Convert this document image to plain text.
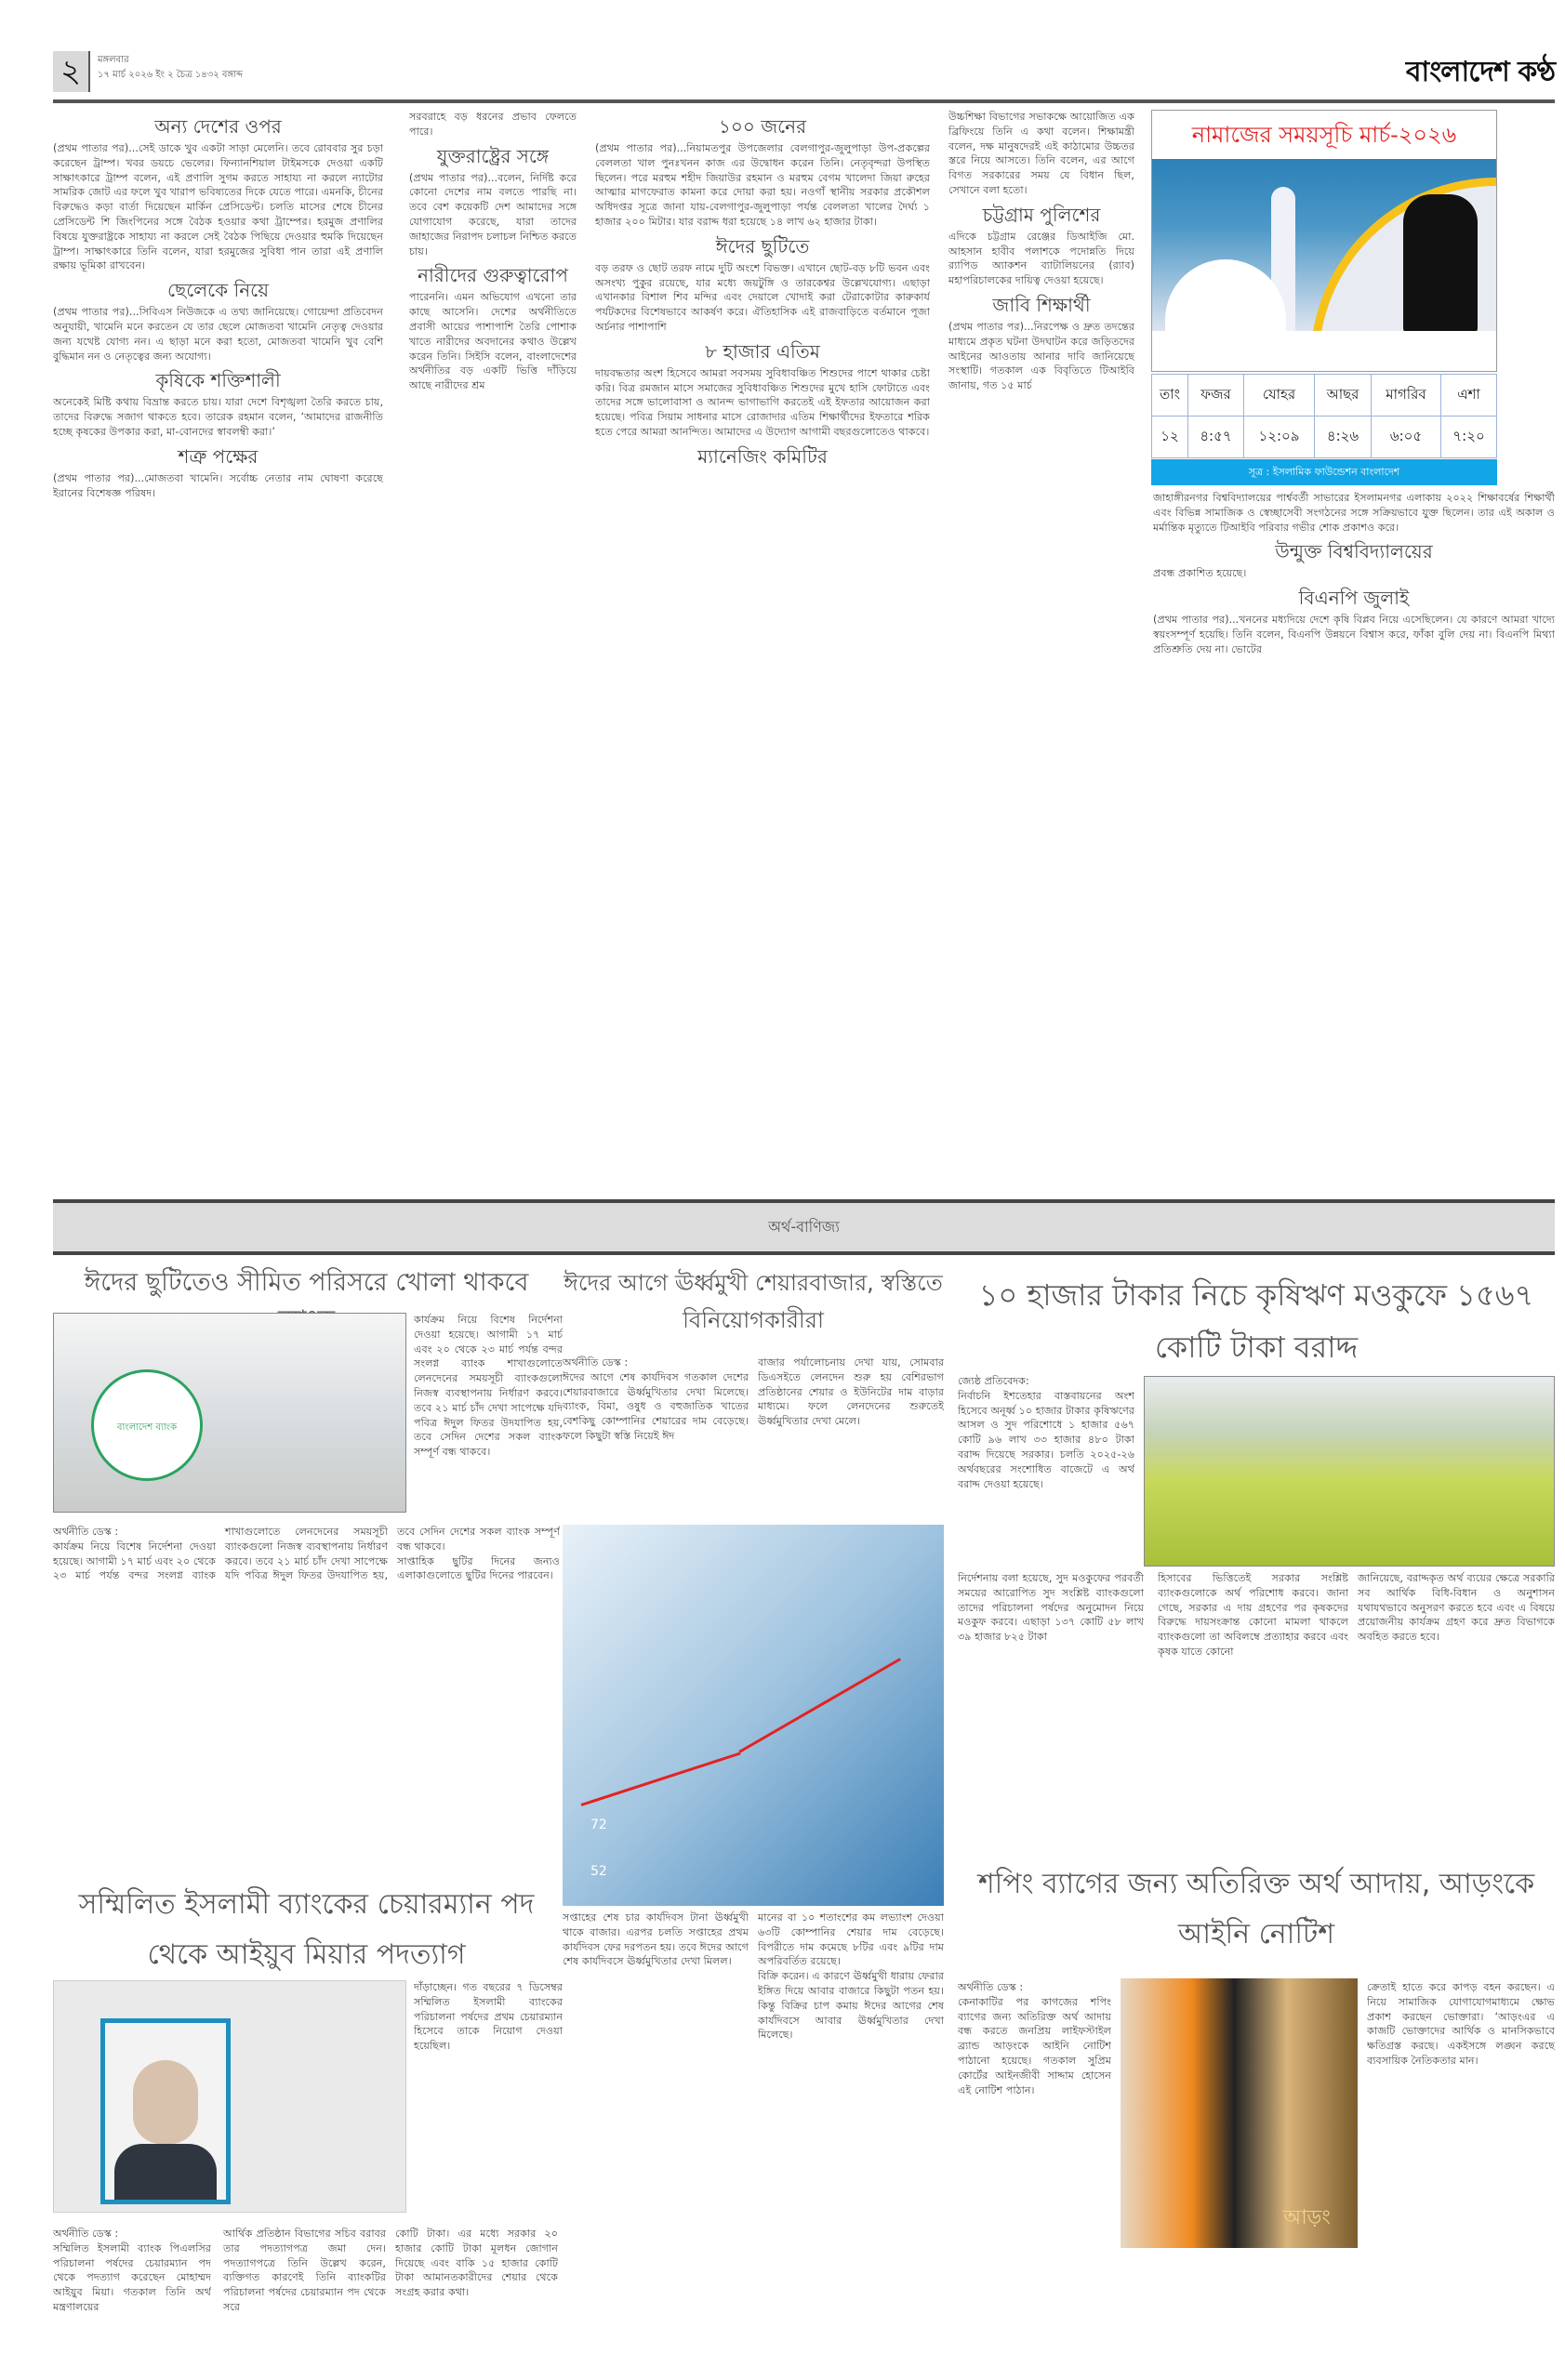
২	মঙ্গলবার
১৭ মার্চ ২০২৬ ইং ২ চৈত্র ১৪৩২ বঙ্গাব্দ	বাংলাদেশ কণ্ঠ
অন্য দেশের ওপর

(প্রথম পাতার পর)...সেই ডাকে খুব একটা সাড়া মেলেনি। তবে রোববার সুর চড়া করেছেন ট্রাম্প। খবর ডয়চে ভেলের। ফিন্যানশিয়াল টাইমসকে দেওয়া একটি সাক্ষাৎকারে ট্রাম্প বলেন, এই প্রণালি সুগম করতে সাহায্য না করলে ন্যাটোর সামরিক জোট এর ফলে খুব খারাপ ভবিষ্যতের দিকে যেতে পারে। এমনকি, চীনের বিরুদ্ধেও কড়া বার্তা দিয়েছেন মার্কিন প্রেসিডেন্ট। চলতি মাসের শেষে চীনের প্রেসিডেন্ট শি জিংপিনের সঙ্গে বৈঠক হওয়ার কথা ট্রাম্পের। হরমুজ প্রণালির বিষয়ে যুক্তরাষ্ট্রকে সাহায্য না করলে সেই বৈঠক পিছিয়ে দেওয়ার হুমকি দিয়েছেন ট্রাম্প। সাক্ষাৎকারে তিনি বলেন, যারা হরমুজের সুবিধা পান তারা এই প্রণালি রক্ষায় ভূমিকা রাখবেন।

ছেলেকে নিয়ে

(প্রথম পাতার পর)...সিবিএস নিউজকে এ তথ্য জানিয়েছে। গোয়েন্দা প্রতিবেদন অনুযায়ী, খামেনি মনে করতেন যে তার ছেলে মোজতবা খামেনি নেতৃত্ব দেওয়ার জন্য যথেষ্ট যোগ্য নন। এ ছাড়া মনে করা হতো, মোজতবা খামেনি খুব বেশি বুদ্ধিমান নন ও নেতৃত্বের জন্য অযোগ্য।

কৃষিকে শক্তিশালী

অনেকেই মিষ্টি কথায় বিভ্রান্ত করতে চায়। যারা দেশে বিশৃঙ্খলা তৈরি করতে চায়, তাদের বিরুদ্ধে সজাগ থাকতে হবে। তারেক রহমান বলেন, ‘আমাদের রাজনীতি হচ্ছে কৃষকের উপকার করা, মা-বোনদের স্বাবলম্বী করা।’

শত্রু পক্ষের

(প্রথম পাতার পর)...মোজতবা খামেনি। সর্বোচ্চ নেতার নাম ঘোষণা করেছে ইরানের বিশেষজ্ঞ পরিষদ।

সরবরাহে বড় ধরনের প্রভাব ফেলতে পারে।

যুক্তরাষ্ট্রের সঙ্গে

(প্রথম পাতার পর)...বলেন, নির্দিষ্ট করে কোনো দেশের নাম বলতে পারছি না। তবে বেশ কয়েকটি দেশ আমাদের সঙ্গে যোগাযোগ করেছে, যারা তাদের জাহাজের নিরাপদ চলাচল নিশ্চিত করতে চায়।

নারীদের গুরুত্বারোপ

পারেননি। এমন অভিযোগ এখনো তার কাছে আসেনি। দেশের অর্থনীতিতে প্রবাসী আয়ের পাশাপাশি তৈরি পোশাক খাতে নারীদের অবদানের কথাও উল্লেখ করেন তিনি। সিইসি বলেন, বাংলাদেশের অর্থনীতির বড় একটি ভিত্তি দাঁড়িয়ে আছে নারীদের শ্রম

১০০ জনের

(প্রথম পাতার পর)...নিয়ামতপুর উপজেলার বেলগাপুর-জুলুপাড়া উপ-প্রকল্পের বেললতা খাল পুনঃখনন কাজ এর উদ্বোধন করেন তিনি। নেতৃবৃন্দরা উপস্থিত ছিলেন। পরে মরহুম শহীদ জিয়াউর রহমান ও মরহুম বেগম খালেদা জিয়া রুহের আত্মার মাগফেরাত কামনা করে দোয়া করা হয়। নওগাঁ স্থানীয় সরকার প্রকৌশল অধিদপ্তর সূত্রে জানা যায়-বেলগাপুর-জুলুপাড়া পর্যন্ত বেললতা খালের দৈর্ঘ্য ১ হাজার ২০০ মিটার। যার বরাদ্দ ধরা হয়েছে ১৪ লাখ ৬২ হাজার টাকা।

ঈদের ছুটিতে

বড় তরফ ও ছোট তরফ নামে দুটি অংশে বিভক্ত। এখানে ছোট-বড় ৮টি ভবন এবং অসংখ্য পুকুর রয়েছে, যার মধ্যে জয়টুঙ্গি ও তারকেশ্বর উল্লেখযোগ্য। এছাড়া এখানকার বিশাল শিব মন্দির এবং দেয়ালে খোদাই করা টেরাকোটার কারুকার্য পর্যটকদের বিশেষভাবে আকর্ষণ করে। ঐতিহাসিক এই রাজবাড়িতে বর্তমানে পূজা অর্চনার পাশাপাশি

৮ হাজার এতিম

দায়বদ্ধতার অংশ হিসেবে আমরা সবসময় সুবিধাবঞ্চিত শিশুদের পাশে থাকার চেষ্টা করি। বিত্র রমজান মাসে সমাজের সুবিধাবঞ্চিত শিশুদের মুখে হাসি ফোটাতে এবং তাদের সঙ্গে ভালোবাসা ও আনন্দ ভাগাভাগি করতেই এই ইফতার আয়োজন করা হয়েছে। পবিত্র সিয়াম সাধনার মাসে রোজাদার এতিম শিক্ষার্থীদের ইফতারে শরিক হতে পেরে আমরা আনন্দিত। আমাদের এ উদ্যোগ আগামী বছরগুলোতেও থাকবে।

ম্যানেজিং কমিটির

উচ্চশিক্ষা বিভাগের সভাকক্ষে আয়োজিত এক ব্রিফিংয়ে তিনি এ কথা বলেন। শিক্ষামন্ত্রী বলেন, দক্ষ মানুষদেরই এই কাঠামোর উচ্চতর স্তরে নিয়ে আসতে। তিনি বলেন, এর আগে বিগত সরকারের সময় যে বিধান ছিল, সেখানে বলা হতো।

চট্টগ্রাম পুলিশের

এদিকে চট্টগ্রাম রেঞ্জের ডিআইজি মো. আহসান হাবীব পলাশকে পদোন্নতি দিয়ে র‍্যাপিড অ্যাকশন ব্যাটালিয়নের (র‍্যাব) মহাপরিচালকের দায়িত্ব দেওয়া হয়েছে।

জাবি শিক্ষার্থী

(প্রথম পাতার পর)...নিরপেক্ষ ও দ্রুত তদন্তের মাধ্যমে প্রকৃত ঘটনা উদঘাটন করে জড়িতদের আইনের আওতায় আনার দাবি জানিয়েছে সংস্থাটি। গতকাল এক বিবৃতিতে টিআইবি জানায়, গত ১৫ মার্চ

নামাজের সময়সূচি মার্চ-২০২৬
তাং	ফজর	যোহর	আছর	মাগরিব	এশা
১২	৪:৫৭	১২:০৯	৪:২৬	৬:০৫	৭:২০
সূত্র : ইসলামিক ফাউন্ডেশন বাংলাদেশ

জাহাঙ্গীরনগর বিশ্ববিদ্যালয়ের পার্শ্ববর্তী সাভারের ইসলামনগর এলাকায় ২০২২ শিক্ষাবর্ষের শিক্ষার্থী এবং বিভিন্ন সামাজিক ও স্বেচ্ছাসেবী সংগঠনের সঙ্গে সক্রিয়ভাবে যুক্ত ছিলেন। তার এই অকাল ও মর্মান্তিক মৃত্যুতে টিআইবি পরিবার গভীর শোক প্রকাশও করে।

উন্মুক্ত বিশ্ববিদ্যালয়ের

প্রবন্ধ প্রকাশিত হয়েছে।

বিএনপি জুলাই

(প্রথম পাতার পর)...খননের মধ্যদিয়ে দেশে কৃষি বিপ্লব নিয়ে এসেছিলেন। যে কারণে আমরা খাদ্যে স্বয়ংসম্পূর্ণ হয়েছি। তিনি বলেন, বিএনপি উন্নয়নে বিশ্বাস করে, ফাঁকা বুলি দেয় না। বিএনপি মিথ্যা প্রতিশ্রুতি দেয় না। ভোটের

অর্থ-বাণিজ্য
ঈদের ছুটিতেও সীমিত পরিসরে খোলা থাকবে
বাংলাদেশ ব্যাংক

কার্যক্রম নিয়ে বিশেষ নির্দেশনা দেওয়া হয়েছে। আগামী ১৭ মার্চ এবং ২০ থেকে ২৩ মার্চ পর্যন্ত বন্দর সংলগ্ন ব্যাংক শাখাগুলোতে লেনদেনের সময়সূচী ব্যাংকগুলো নিজস্ব ব্যবস্থাপনায় নির্ধারণ করবে। তবে ২১ মার্চ চাঁদ দেখা সাপেক্ষে যদি পবিত্র ঈদুল ফিতর উদযাপিত হয়, তবে সেদিন দেশের সকল ব্যাংক সম্পূর্ণ বন্ধ থাকবে।

অর্থনীতি ডেস্ক :

কার্যক্রম নিয়ে বিশেষ নির্দেশনা দেওয়া হয়েছে। আগামী ১৭ মার্চ এবং ২০ থেকে ২৩ মার্চ পর্যন্ত বন্দর সংলগ্ন ব্যাংক শাখাগুলোতে লেনদেনের সময়সূচী ব্যাংকগুলো নিজস্ব ব্যবস্থাপনায় নির্ধারণ করবে। তবে ২১ মার্চ চাঁদ দেখা সাপেক্ষে যদি পবিত্র ঈদুল ফিতর উদযাপিত হয়, তবে সেদিন দেশের সকল ব্যাংক সম্পূর্ণ বন্ধ থাকবে।

সাপ্তাহিক ছুটির দিনের জন্যও এলাকাগুলোতে ছুটির দিনের পারবেন।

ঈদের আগে ঊর্ধ্বমুখী শেয়ারবাজার, স্বস্তিতে বিনিয়োগকারীরা

অর্থনীতি ডেস্ক :

ঈদের আগে শেষ কার্যদিবস গতকাল দেশের শেয়ারবাজারে ঊর্ধ্বমুখিতার দেখা মিলেছে। ব্যাংক, বিমা, ওষুধ ও বহুজাতিক খাতের বেশকিছু কোম্পানির শেয়ারের দাম বেড়েছে। ফলে কিছুটা স্বস্তি নিয়েই ঈদ

বাজার পর্যালোচনায় দেখা যায়, সোমবার ডিএসইতে লেনদেন শুরু হয় বেশিরভাগ প্রতিষ্ঠানের শেয়ার ও ইউনিটের দাম বাড়ার মাধ্যমে। ফলে লেনদেনের শুরুতেই ঊর্ধ্বমুখিতার দেখা মেলে।

72
52

সপ্তাহের শেষ চার কার্যদিবস টানা ঊর্ধ্বমুখী থাকে বাজার। এরপর চলতি সপ্তাহের প্রথম কার্যদিবস ফের দরপতন হয়। তবে ঈদের আগে শেষ কার্যদিবসে ঊর্ধ্বমুখিতার দেখা মিলল।

মানের বা ১০ শতাংশের কম লভ্যাংশ দেওয়া ৬৩টি কোম্পানির শেয়ার দাম বেড়েছে। বিপরীতে দাম কমেছে ৮টির এবং ৯টির দাম অপরিবর্তিত রয়েছে।

বিক্রি করেন। এ কারণে ঊর্ধ্বমুখী ধারায় ফেরার ইঙ্গিত দিয়ে আবার বাজারে কিছুটা পতন হয়। কিন্তু বিক্রির চাপ কমায় ঈদের আগের শেষ কার্যদিবসে আবার ঊর্ধ্বমুখিতার দেখা মিলেছে।

১০ হাজার টাকার নিচে কৃষিঋণ মওকুফে ১৫৬৭ কোটি টাকা বরাদ্দ

জ্যেষ্ঠ প্রতিবেদক:

নির্বাচনি ইশতেহার বাস্তবায়নের অংশ হিসেবে অনূর্ধ্ব ১০ হাজার টাকার কৃষিঋণের আসল ও সুদ পরিশোধে ১ হাজার ৫৬৭ কোটি ৯৬ লাখ ৩৩ হাজার ৪৮০ টাকা বরাদ্দ দিয়েছে সরকার। চলতি ২০২৫-২৬ অর্থবছরের সংশোধিত বাজেটে এ অর্থ বরাদ্দ দেওয়া হয়েছে।

নির্দেশনায় বলা হয়েছে, সুদ মওকুফের পরবর্তী সময়ের আরোপিত সুদ সংশ্লিষ্ট ব্যাংকগুলো তাদের পরিচালনা পর্ষদের অনুমোদন নিয়ে মওকুফ করবে। এছাড়া ১৩৭ কোটি ৫৮ লাখ ৩৯ হাজার ৮২৫ টাকা

হিসাবের ভিত্তিতেই সরকার সংশ্লিষ্ট ব্যাংকগুলোকে অর্থ পরিশোধ করবে। জানা গেছে, সরকার এ দায় গ্রহণের পর কৃষকদের বিরুদ্ধে দায়সংক্রান্ত কোনো মামলা থাকলে ব্যাংকগুলো তা অবিলম্বে প্রত্যাহার করবে এবং কৃষক যাতে কোনো

জানিয়েছে, বরাদ্দকৃত অর্থ ব্যয়ের ক্ষেত্রে সরকারি সব আর্থিক বিধি-বিধান ও অনুশাসন যথাযথভাবে অনুসরণ করতে হবে এবং এ বিষয়ে প্রয়োজনীয় কার্যক্রম গ্রহণ করে দ্রুত বিভাগকে অবহিত করতে হবে।

সম্মিলিত ইসলামী ব্যাংকের চেয়ারম্যান পদ থেকে আইয়ুব মিয়ার পদত্যাগ

দাঁড়াচ্ছেন। গত বছরের ৭ ডিসেম্বর সম্মিলিত ইসলামী ব্যাংকের পরিচালনা পর্ষদের প্রথম চেয়ারম্যান হিসেবে তাকে নিয়োগ দেওয়া হয়েছিল।

অর্থনীতি ডেস্ক :

সম্মিলিত ইসলামী ব্যাংক পিএলসির পরিচালনা পর্ষদের চেয়ারম্যান পদ থেকে পদত্যাগ করেছেন মোহাম্মদ আইয়ুব মিয়া। গতকাল তিনি অর্থ মন্ত্রণালয়ের

আর্থিক প্রতিষ্ঠান বিভাগের সচিব বরাবর তার পদত্যাগপত্র জমা দেন। পদত্যাগপত্রে তিনি উল্লেখ করেন, ব্যক্তিগত কারণেই তিনি ব্যাংকটির পরিচালনা পর্ষদের চেয়ারম্যান পদ থেকে সরে

কোটি টাকা। এর মধ্যে সরকার ২০ হাজার কোটি টাকা মূলধন জোগান দিয়েছে এবং বাকি ১৫ হাজার কোটি টাকা আমানতকারীদের শেয়ার থেকে সংগ্রহ করার কথা।

শপিং ব্যাগের জন্য অতিরিক্ত অর্থ আদায়, আড়ংকে আইনি নোটিশ

অর্থনীতি ডেস্ক :

কেনাকাটির পর কাগজের শপিং ব্যাগের জন্য অতিরিক্ত অর্থ আদায় বন্ধ করতে জনপ্রিয় লাইফস্টাইল ব্র্যান্ড আড়ংকে আইনি নোটিশ পাঠানো হয়েছে। গতকাল সুপ্রিম কোর্টের আইনজীবী সাদ্দাম হোসেন এই নোটিশ পাঠান।

আড়ং

ক্রেতাই হাতে করে কাপড় বহন করছেন। এ নিয়ে সামাজিক যোগাযোগমাধ্যমে ক্ষোভ প্রকাশ করছেন ভোক্তারা। ‘আড়ংএর এ কাজটি ভোক্তাদের আর্থিক ও মানসিকভাবে ক্ষতিগ্রস্ত করছে। একইসঙ্গে লঙ্ঘন করছে ব্যবসায়িক নৈতিকতার মান।
